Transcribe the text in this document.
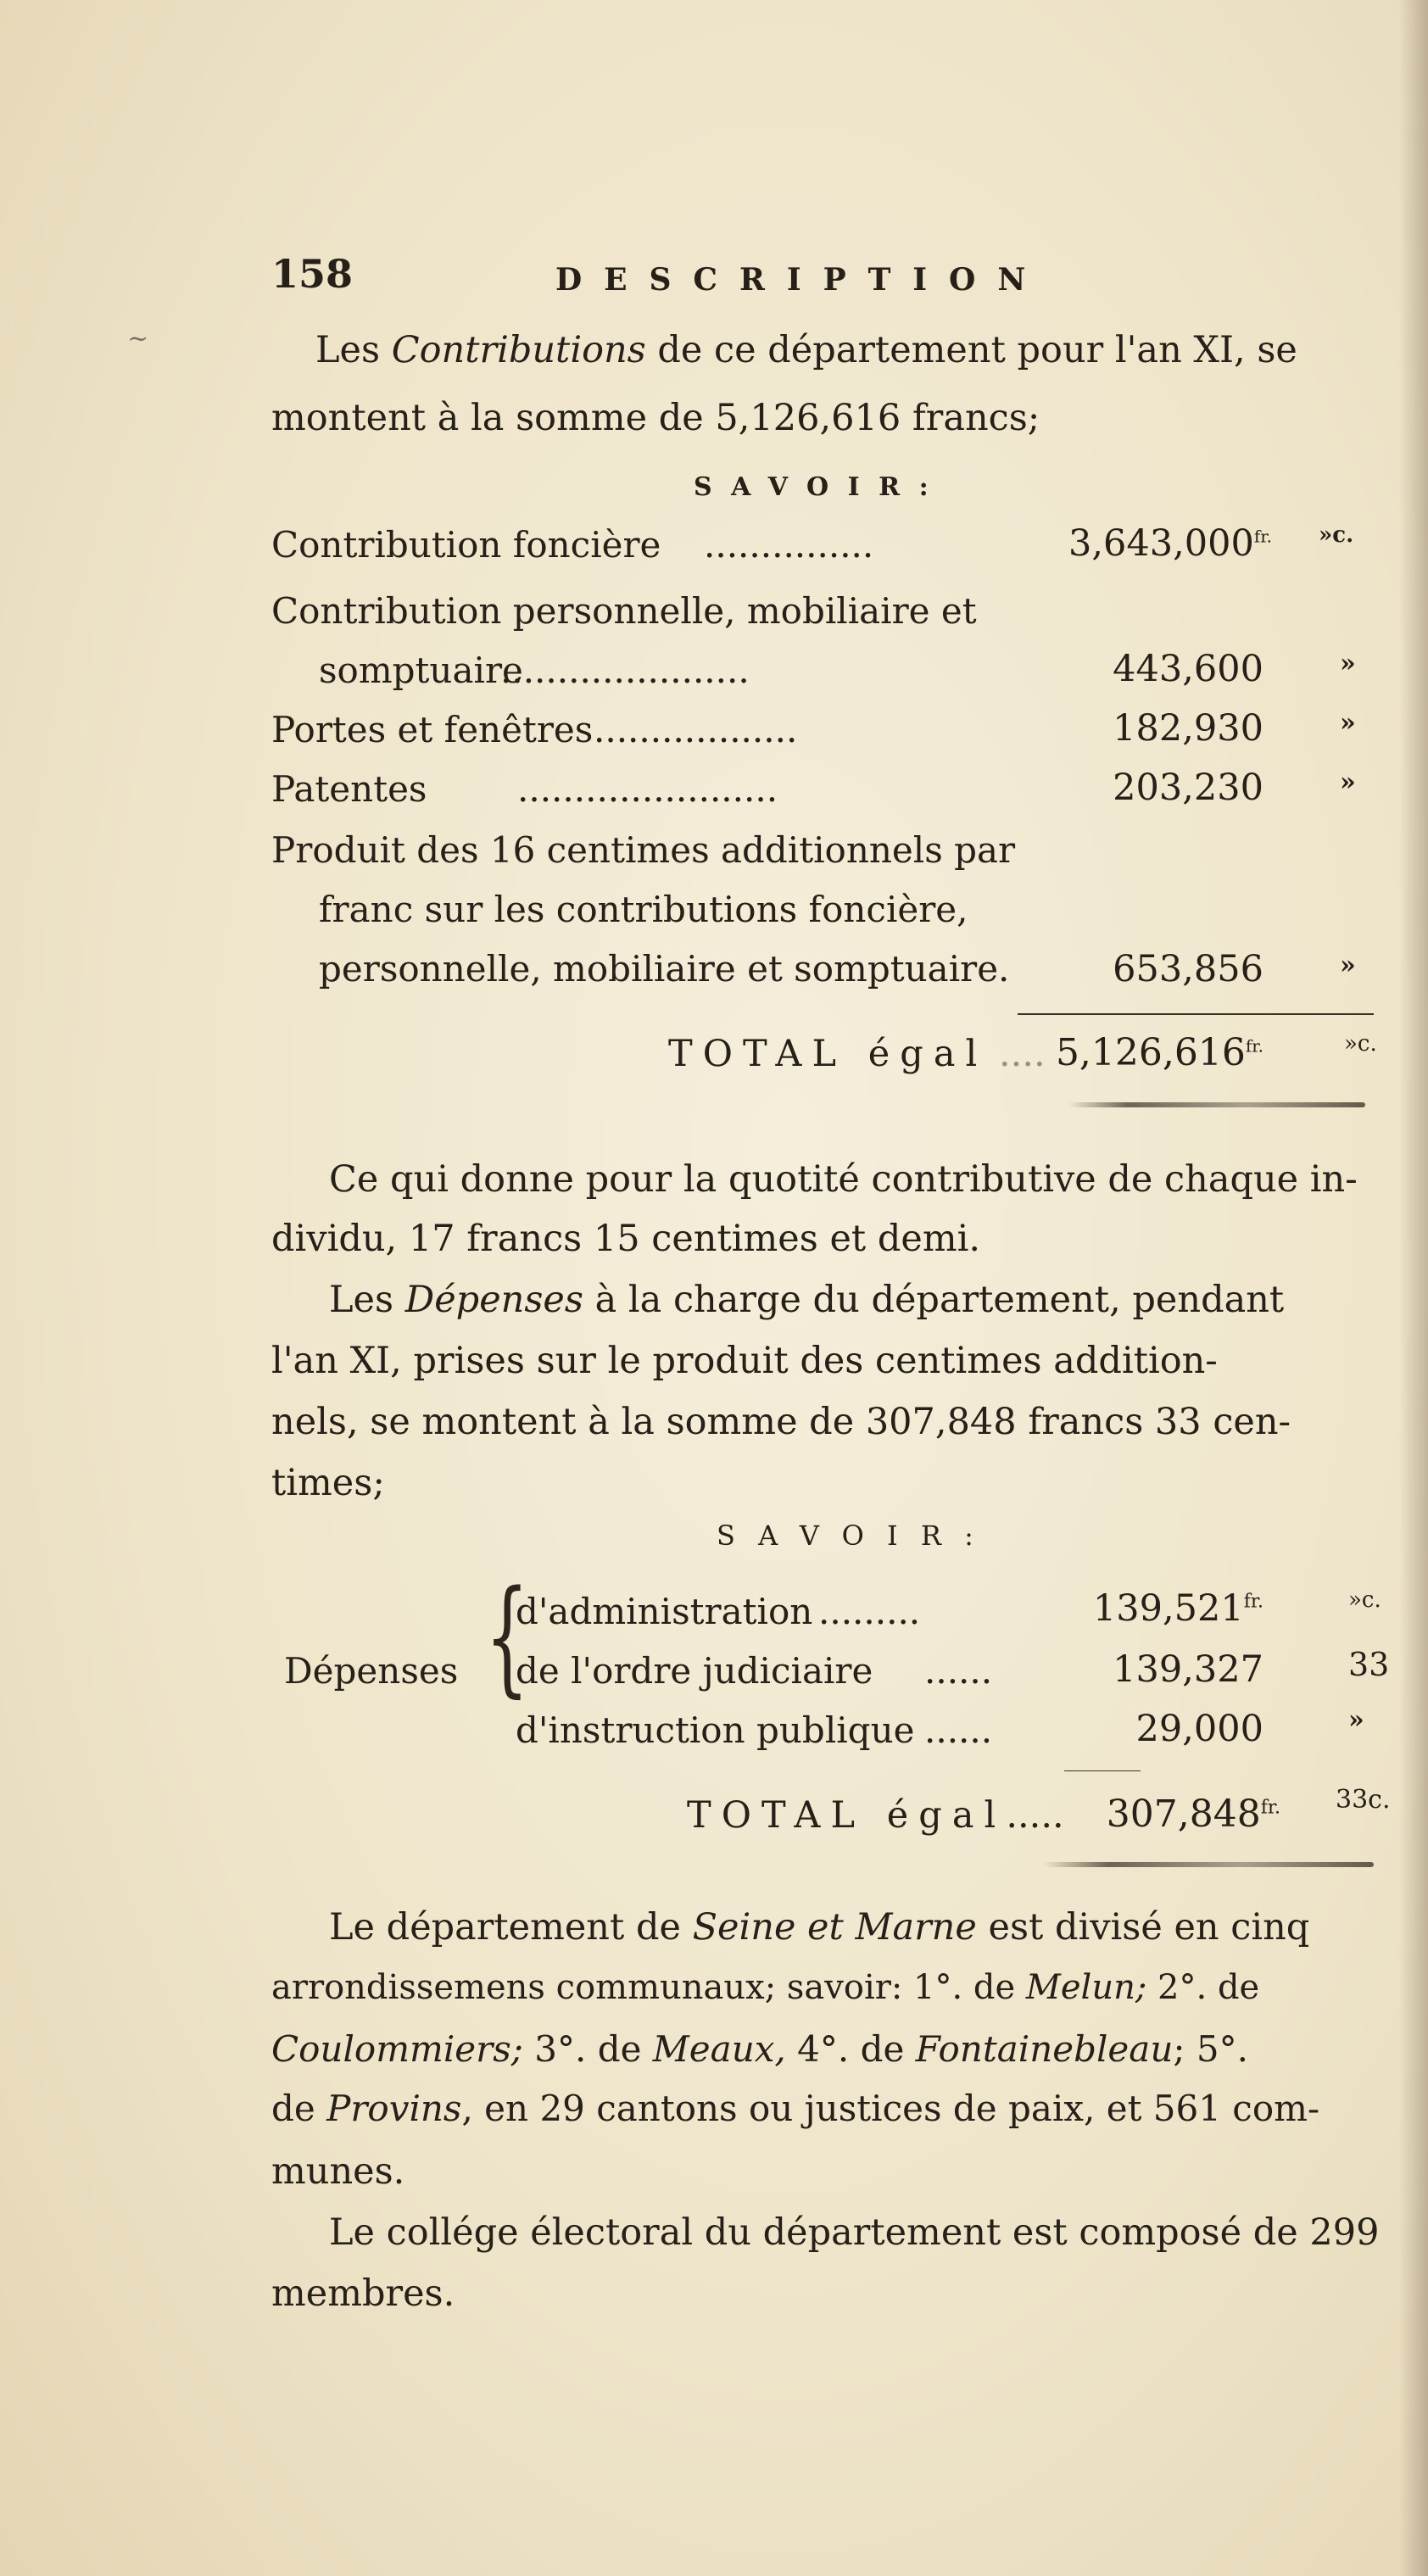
158	DESCRIPTION
~	Les Contributions de ce département pour l'an XI, se
montent à la somme de 5,126,616 francs;
SAVOIR:
Contribution foncière ...............	$3,643,000^{fr.}$ »c.
Contribution personnelle, mobiliaire et
somptuaire
......................	443,600	»
Portes et fenêtres ..................	182,930	»
Patentes	.......................	203,230	»
Produit des 16 centimes additionnels par
franc sur les contributions foncière,
personnelle, mobiliaire et somptuaire.	653,856	»
TOTAL égal .... $5,126,616^{fr.}$	»c.
Ce qui donne pour la quotité contributive de chaque in-
dividu, 17 francs 15 centimes et demi.
Les Dépenses à la charge du département, pendant
l'an XI, prises sur le produit des centimes addition-
nels, se montent à la somme de 307,848 francs 33 cen-
times;
SAVOIR:
Dépenses {
d'administration .........	$139,521^{fr.}$	»c.
de l'ordre judiciaire ......	139,327	33
d'instruction publique ......	29,000	»
TOTAL égal.....	$307,848^{fr.}$ 33c.
Le département de Seine et Marne est divisé en cinq
arrondissemens communaux; savoir: 1°. de Melun; 2°. de
Coulommiers; 3°. de Meaux, 4°. de Fontainebleau; 5°.
de Provins, en 29 cantons ou justices de paix, et 561 com-
munes.
Le collége électoral du département est composé de 299
membres.
